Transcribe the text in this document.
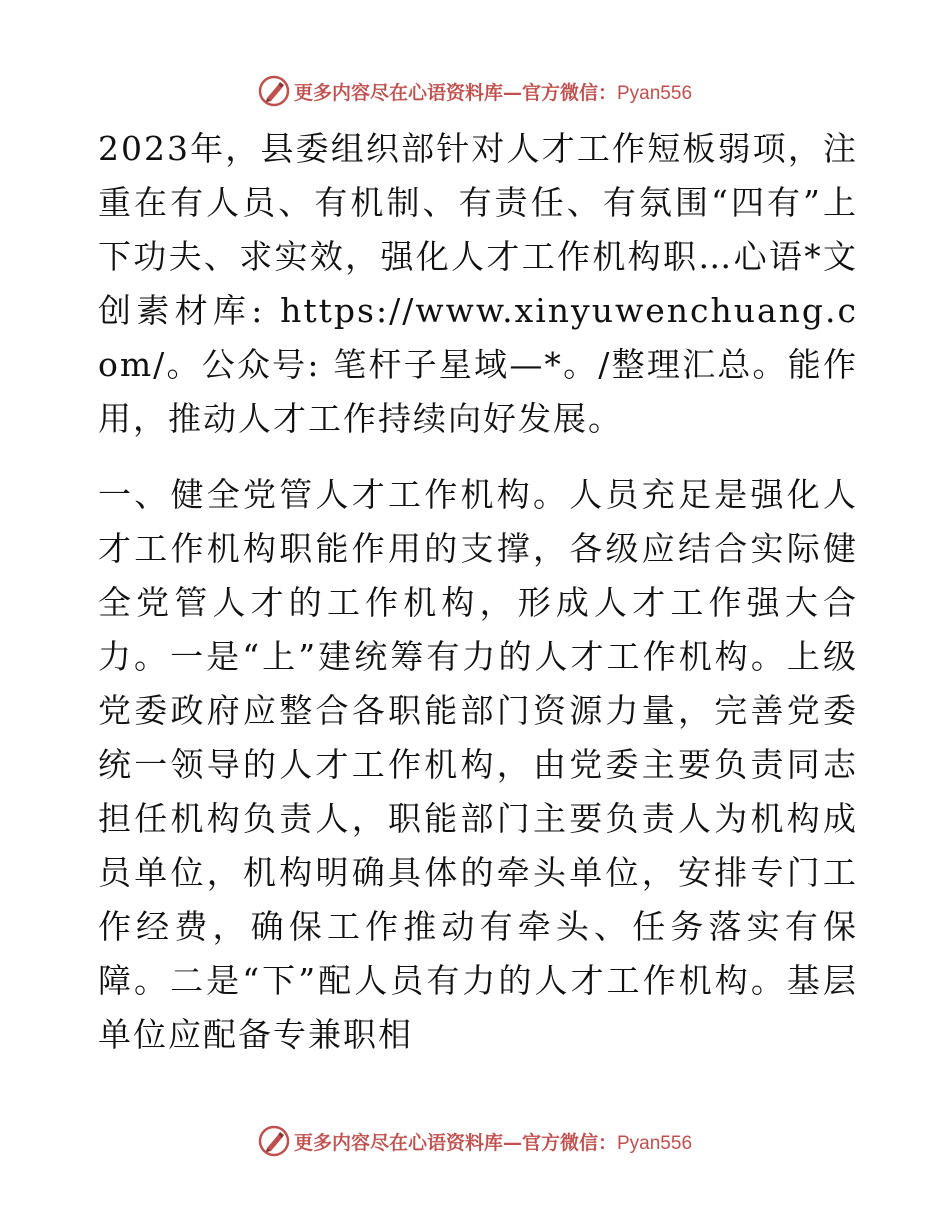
更多内容尽在心语资料库—官方微信：Pyan556

2023年，县委组织部针对人才工作短板弱项，注重在有人员、有机制、有责任、有氛围“四有”上下功夫、求实效，强化人才工作机构职…心语*文创素材库: https://www.xinyuwenchuang.com/。公众号: 笔杆子星域—*。/整理汇总。能作用，推动人才工作持续向好发展。

一、健全党管人才工作机构。人员充足是强化人才工作机构职能作用的支撑，各级应结合实际健全党管人才的工作机构，形成人才工作强大合力。一是“上”建统筹有力的人才工作机构。上级党委政府应整合各职能部门资源力量，完善党委统一领导的人才工作机构，由党委主要负责同志担任机构负责人，职能部门主要负责人为机构成员单位，机构明确具体的牵头单位，安排专门工作经费，确保工作推动有牵头、任务落实有保障。二是“下”配人员有力的人才工作机构。基层单位应配备专兼职相

更多内容尽在心语资料库—官方微信：Pyan556
